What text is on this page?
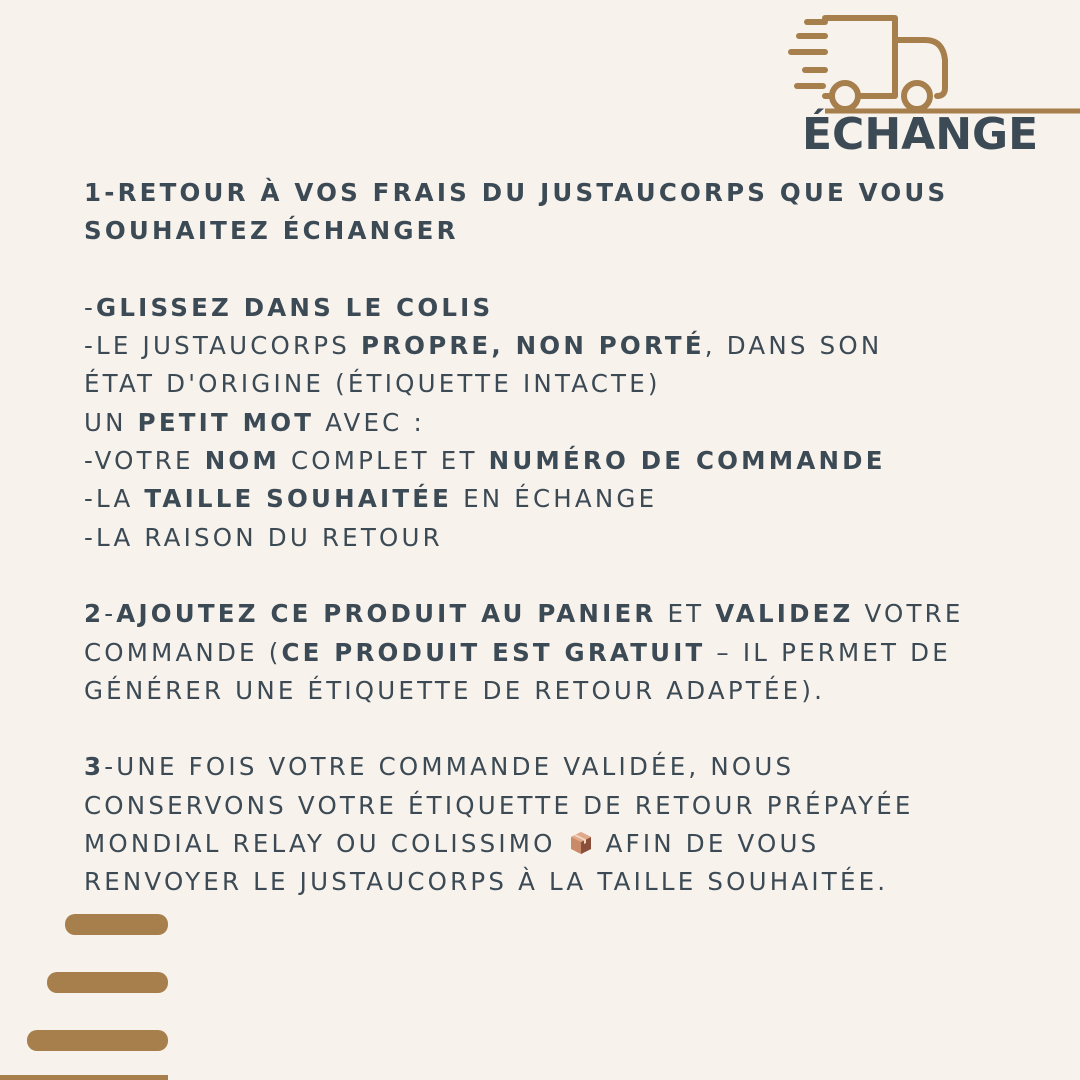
ÉCHANGE
1-RETOUR À VOS FRAIS DU JUSTAUCORPS QUE VOUS
SOUHAITEZ ÉCHANGER
-GLISSEZ DANS LE COLIS
-LE JUSTAUCORPS PROPRE, NON PORTÉ, DANS SON
ÉTAT D'ORIGINE (ÉTIQUETTE INTACTE)
UN PETIT MOT AVEC :
-VOTRE NOM COMPLET ET NUMÉRO DE COMMANDE
-LA TAILLE SOUHAITÉE EN ÉCHANGE
-LA RAISON DU RETOUR
2-AJOUTEZ CE PRODUIT AU PANIER ET VALIDEZ VOTRE
COMMANDE (CE PRODUIT EST GRATUIT – IL PERMET DE
GÉNÉRER UNE ÉTIQUETTE DE RETOUR ADAPTÉE).
3-UNE FOIS VOTRE COMMANDE VALIDÉE, NOUS
CONSERVONS VOTRE ÉTIQUETTE DE RETOUR PRÉPAYÉE
MONDIAL RELAY OU COLISSIMO  AFIN DE VOUS
RENVOYER LE JUSTAUCORPS À LA TAILLE SOUHAITÉE.
